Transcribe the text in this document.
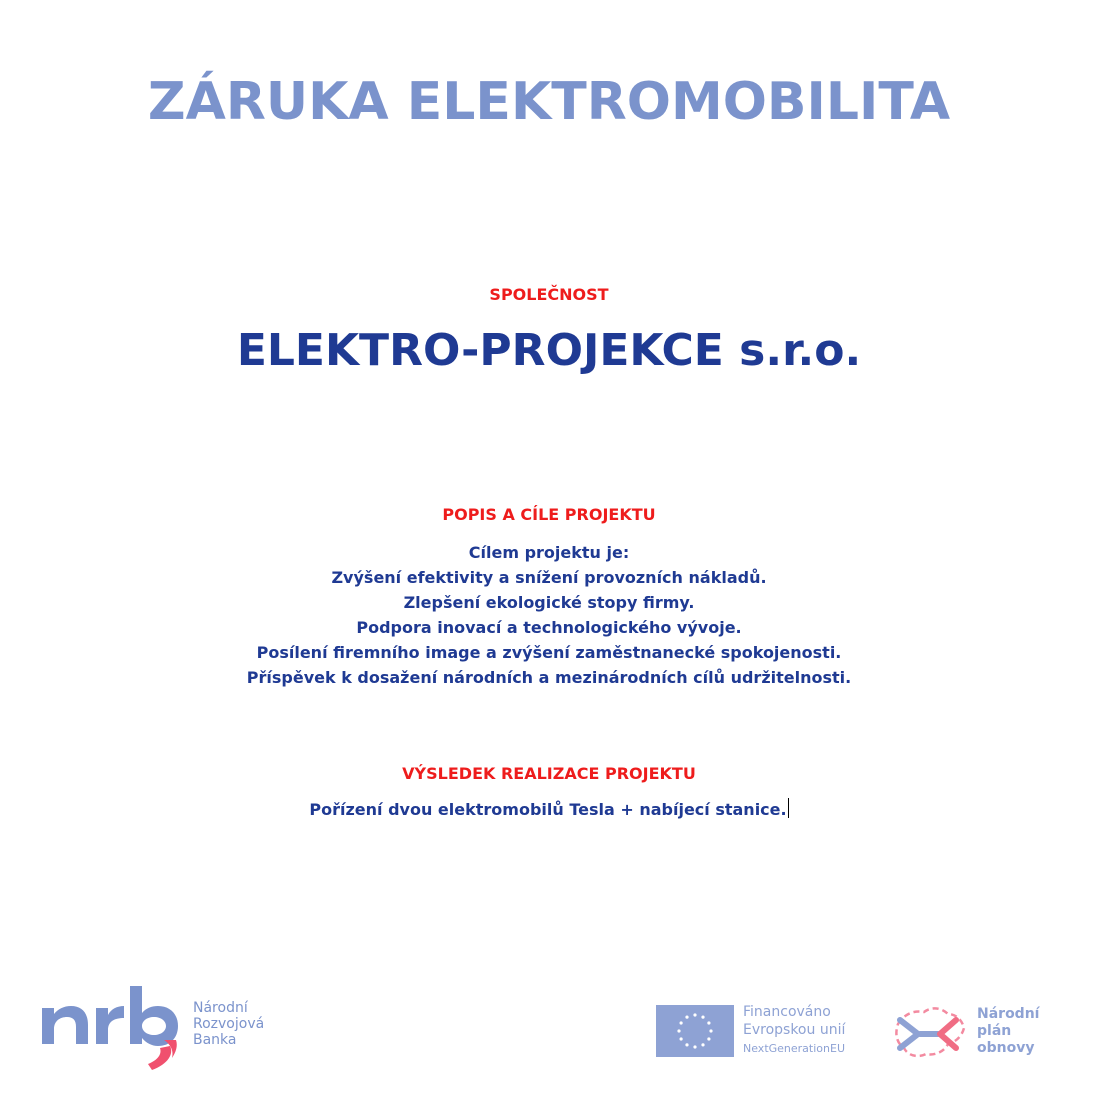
ZÁRUKA ELEKTROMOBILITA
SPOLEČNOST
ELEKTRO-PROJEKCE s.r.o.
POPIS A CÍLE PROJEKTU
Cílem projektu je:
Zvýšení efektivity a snížení provozních nákladů.
Zlepšení ekologické stopy firmy.
Podpora inovací a technologického vývoje.
Posílení firemního image a zvýšení zaměstnanecké spokojenosti.
Příspěvek k dosažení národních a mezinárodních cílů udržitelnosti.
VÝSLEDEK REALIZACE PROJEKTU
Pořízení dvou elektromobilů Tesla + nabíjecí stanice.
Národní
Rozvojová
Banka
Financováno
Evropskou unií
NextGenerationEU
Národní
plán
obnovy
